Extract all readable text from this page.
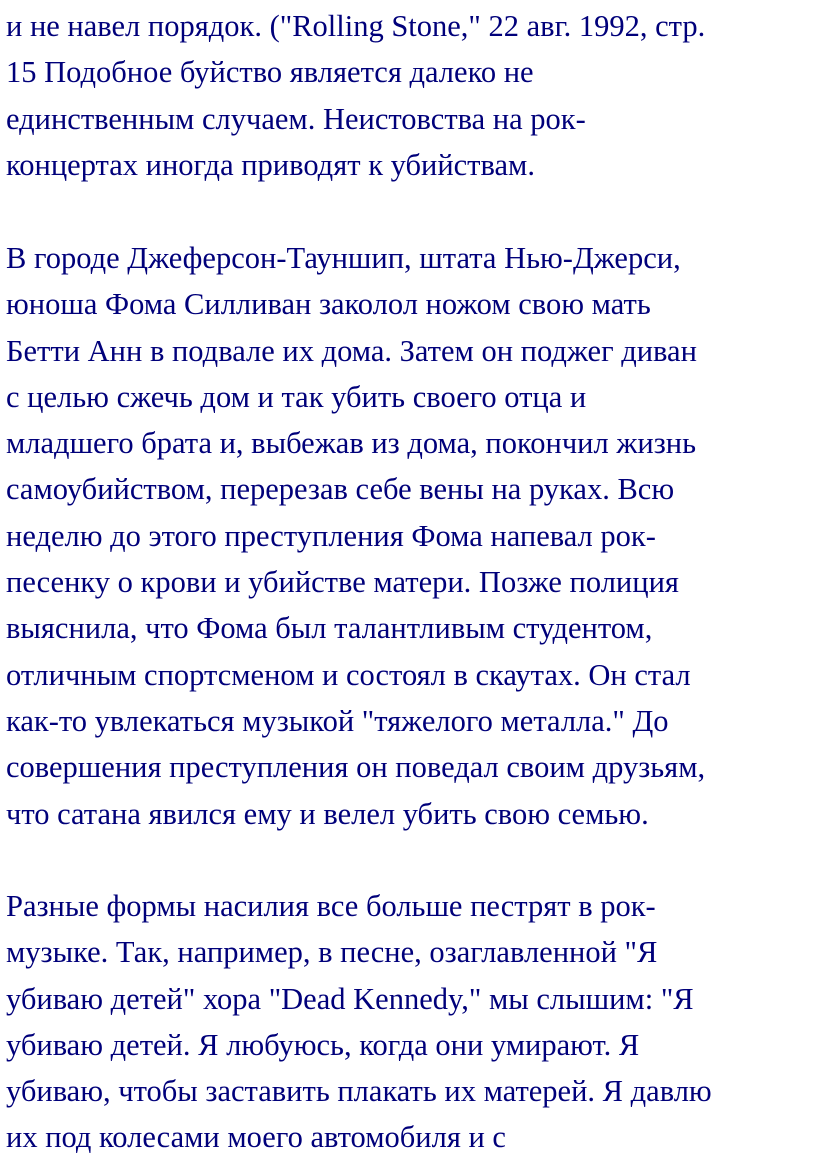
и не навел порядок. ("Rolling Stone," 22 авг. 1992, стр.
15 Подобное буйство является далеко не
единственным случаем. Неистовства на рок-
концертах иногда приводят к убийствам.

В городе Джеферсон-Тауншип, штата Нью-Джерси,
юноша Фома Силливан заколол ножом свою мать
Бетти Анн в подвале их дома. Затем он поджег диван
с целью сжечь дом и так убить своего отца и
младшего брата и, выбежав из дома, покончил жизнь
самоубийством, перерезав себе вены на руках. Всю
неделю до этого преступления Фома напевал рок-
песенку о крови и убийстве матери. Позже полиция
выяснила, что Фома был талантливым студентом,
отличным спортсменом и состоял в скаутах. Он стал
как-то увлекаться музыкой "тяжелого металла." До
совершения преступления он поведал своим друзьям,
что сатана явился ему и велел убить свою семью.

Разные формы насилия все больше пестрят в рок-
музыке. Так, например, в песне, озаглавленной "Я
убиваю детей" хора "Dead Kennedy," мы слышим: "Я
убиваю детей. Я любуюсь, когда они умирают. Я
убиваю, чтобы заставить плакать их матерей. Я давлю
их под колесами моего автомобиля и с
